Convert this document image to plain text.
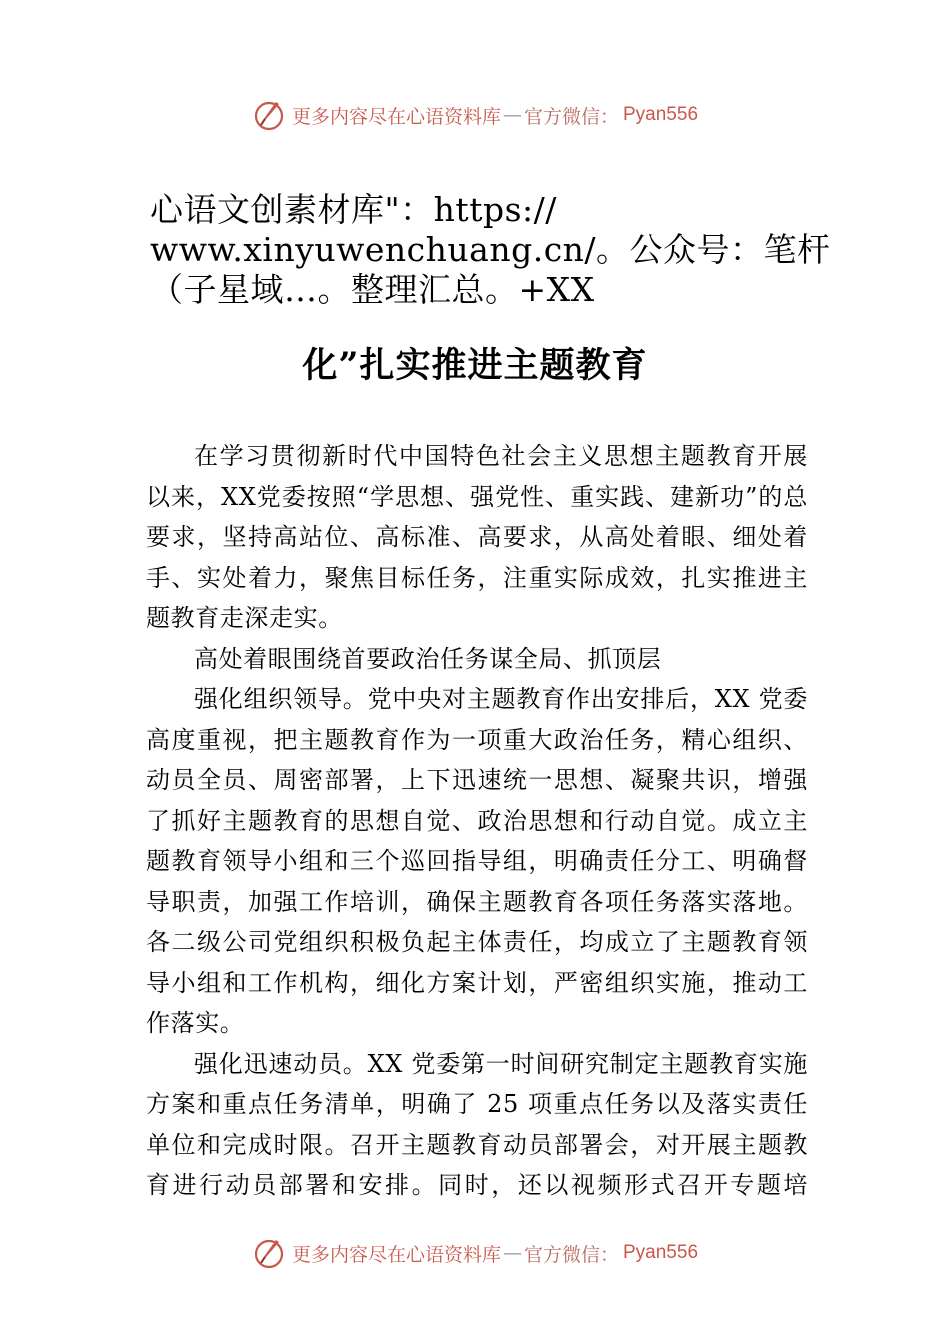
更多内容尽在心语资料库 — 官方微信： Pyan556
心语文创素材库"：https://
www.xinyuwenchuang.cn/。公众号：笔杆
（子星域…。整理汇总。+XX
化”扎实推进主题教育

在学习贯彻新时代中国特色社会主义思想主题教育开展以来，XX党委按照“学思想、强党性、重实践、建新功”的总要求，坚持高站位、高标准、高要求，从高处着眼、细处着手、实处着力，聚焦目标任务，注重实际成效，扎实推进主题教育走深走实。

高处着眼围绕首要政治任务谋全局、抓顶层

强化组织领导。党中央对主题教育作出安排后，XX 党委高度重视，把主题教育作为一项重大政治任务，精心组织、动员全员、周密部署，上下迅速统一思想、凝聚共识，增强了抓好主题教育的思想自觉、政治思想和行动自觉。成立主题教育领导小组和三个巡回指导组，明确责任分工、明确督导职责，加强工作培训，确保主题教育各项任务落实落地。 各二级公司党组织积极负起主体责任，均成立了主题教育领导小组和工作机构，细化方案计划，严密组织实施，推动工作落实。

强化迅速动员。XX 党委第一时间研究制定主题教育实施方案和重点任务清单，明确了 25 项重点任务以及落实责任单位和完成时限。召开主题教育动员部署会，对开展主题教育进行动员部署和安排。同时，还以视频形式召开专题培

更多内容尽在心语资料库 — 官方微信： Pyan556
